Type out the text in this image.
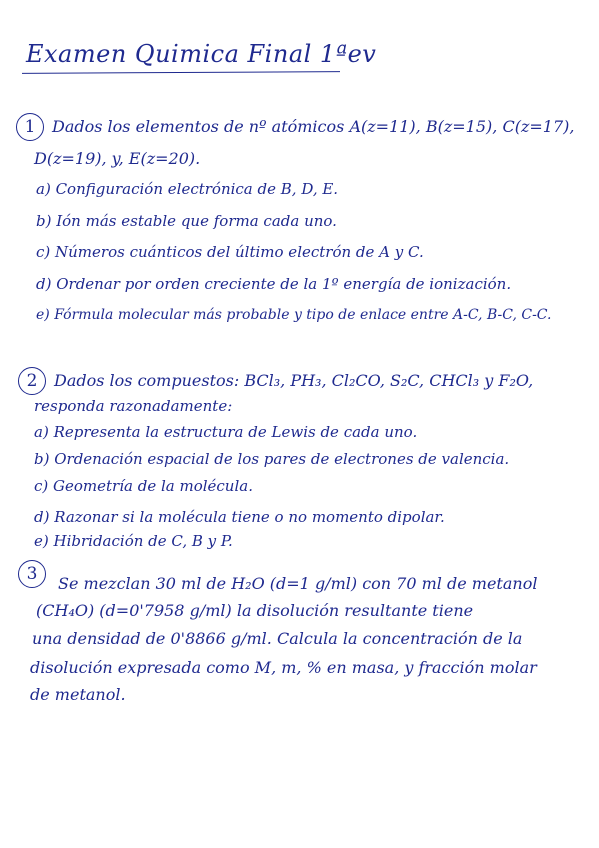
Examen Quimica Final 1ªev
1	Dados los elementos de nº atómicos A(z=11), B(z=15), C(z=17),
D(z=19), y, E(z=20).
a) Configuración electrónica de B, D, E.
b) Ión más estable que forma cada uno.
c) Números cuánticos del último electrón de A y C.
d) Ordenar por orden creciente de la 1º energía de ionización.
e) Fórmula molecular más probable y tipo de enlace entre A-C, B-C, C-C.
2	Dados los compuestos: BCl₃, PH₃, Cl₂CO, S₂C, CHCl₃ y F₂O,
responda razonadamente:
a) Representa la estructura de Lewis de cada uno.
b) Ordenación espacial de los pares de electrones de valencia.
c) Geometría de la molécula.
d) Razonar si la molécula tiene o no momento dipolar.
e) Hibridación de C, B y P.
3	Se mezclan 30 ml de H₂O (d=1 g/ml) con 70 ml de metanol
(CH₄O) (d=0'7958 g/ml) la disolución resultante tiene
una densidad de 0'8866 g/ml. Calcula la concentración de la
disolución expresada como M, m, % en masa, y fracción molar
de metanol.
